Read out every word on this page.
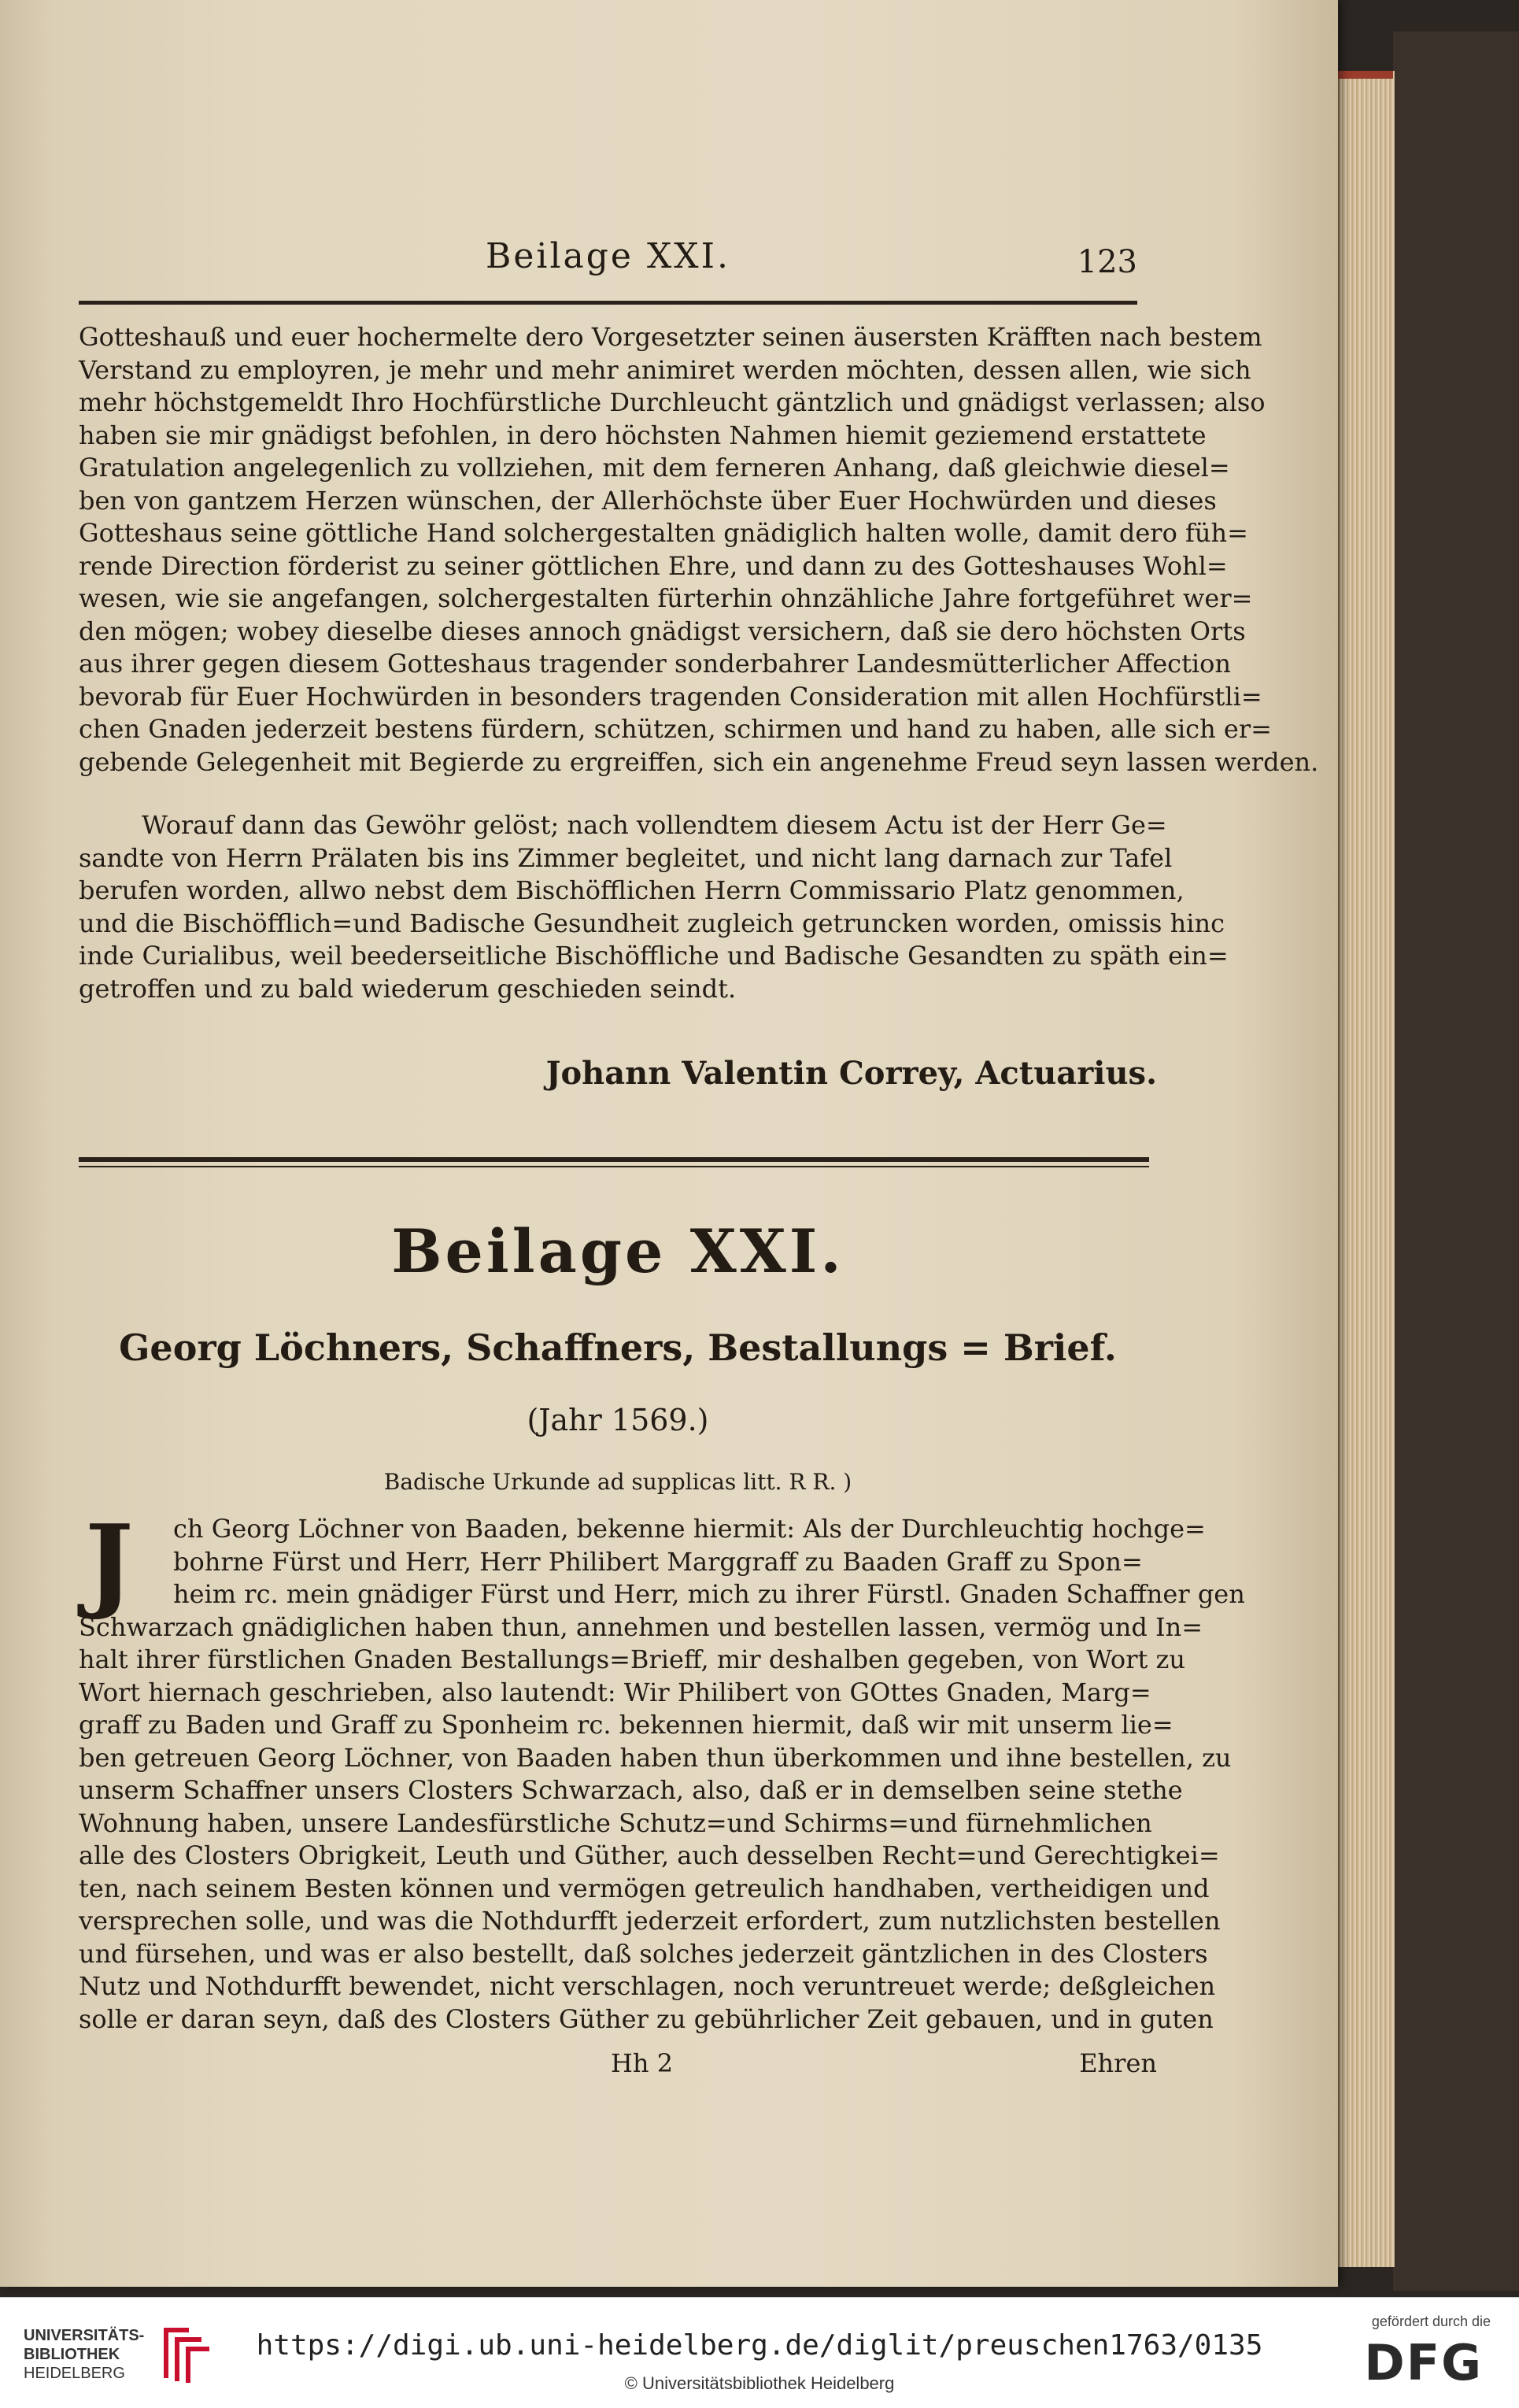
Beilage XXI.	123
Gotteshauß und euer hochermelte dero Vorgesetzter seinen äusersten Kräfften nach bestem
Verstand zu employren, je mehr und mehr animiret werden möchten, dessen allen, wie sich
mehr höchstgemeldt Ihro Hochfürstliche Durchleucht gäntzlich und gnädigst verlassen; also
haben sie mir gnädigst befohlen, in dero höchsten Nahmen hiemit geziemend erstattete
Gratulation angelegenlich zu vollziehen, mit dem ferneren Anhang, daß gleichwie diesel=
ben von gantzem Herzen wünschen, der Allerhöchste über Euer Hochwürden und dieses
Gotteshaus seine göttliche Hand solchergestalten gnädiglich halten wolle, damit dero füh=
rende Direction förderist zu seiner göttlichen Ehre, und dann zu des Gotteshauses Wohl=
wesen, wie sie angefangen, solchergestalten fürterhin ohnzähliche Jahre fortgeführet wer=
den mögen; wobey dieselbe dieses annoch gnädigst versichern, daß sie dero höchsten Orts
aus ihrer gegen diesem Gotteshaus tragender sonderbahrer Landesmütterlicher Affection
bevorab für Euer Hochwürden in besonders tragenden Consideration mit allen Hochfürstli=
chen Gnaden jederzeit bestens fürdern, schützen, schirmen und hand zu haben, alle sich er=
gebende Gelegenheit mit Begierde zu ergreiffen, sich ein angenehme Freud seyn lassen werden.
Worauf dann das Gewöhr gelöst; nach vollendtem diesem Actu ist der Herr Ge=
sandte von Herrn Prälaten bis ins Zimmer begleitet, und nicht lang darnach zur Tafel
berufen worden, allwo nebst dem Bischöfflichen Herrn Commissario Platz genommen,
und die Bischöfflich=und Badische Gesundheit zugleich getruncken worden, omissis hinc
inde Curialibus, weil beederseitliche Bischöffliche und Badische Gesandten zu späth ein=
getroffen und zu bald wiederum geschieden seindt.
Johann Valentin Correy, Actuarius.
Beilage XXI.
Georg Löchners, Schaffners, Bestallungs = Brief.
(Jahr 1569.)
Badische Urkunde ad supplicas litt. R R. )
J	ch Georg Löchner von Baaden, bekenne hiermit: Als der Durchleuchtig hochge=
bohrne Fürst und Herr, Herr Philibert Marggraff zu Baaden Graff zu Spon=
heim rc. mein gnädiger Fürst und Herr, mich zu ihrer Fürstl. Gnaden Schaffner gen
Schwarzach gnädiglichen haben thun, annehmen und bestellen lassen, vermög und In=
halt ihrer fürstlichen Gnaden Bestallungs=Brieff, mir deshalben gegeben, von Wort zu
Wort hiernach geschrieben, also lautendt: Wir Philibert von GOttes Gnaden, Marg=
graff zu Baden und Graff zu Sponheim rc. bekennen hiermit, daß wir mit unserm lie=
ben getreuen Georg Löchner, von Baaden haben thun überkommen und ihne bestellen, zu
unserm Schaffner unsers Closters Schwarzach, also, daß er in demselben seine stethe
Wohnung haben, unsere Landesfürstliche Schutz=und Schirms=und fürnehmlichen
alle des Closters Obrigkeit, Leuth und Güther, auch desselben Recht=und Gerechtigkei=
ten, nach seinem Besten können und vermögen getreulich handhaben, vertheidigen und
versprechen solle, und was die Nothdurfft jederzeit erfordert, zum nutzlichsten bestellen
und fürsehen, und was er also bestellt, daß solches jederzeit gäntzlichen in des Closters
Nutz und Nothdurfft bewendet, nicht verschlagen, noch veruntreuet werde; deßgleichen
solle er daran seyn, daß des Closters Güther zu gebührlicher Zeit gebauen, und in guten
Hh 2	Ehren
UNIVERSITÄTS-
BIBLIOTHEK
HEIDELBERG
https://digi.ub.uni-heidelberg.de/diglit/preuschen1763/0135
© Universitätsbibliothek Heidelberg
gefördert durch die
DFG
